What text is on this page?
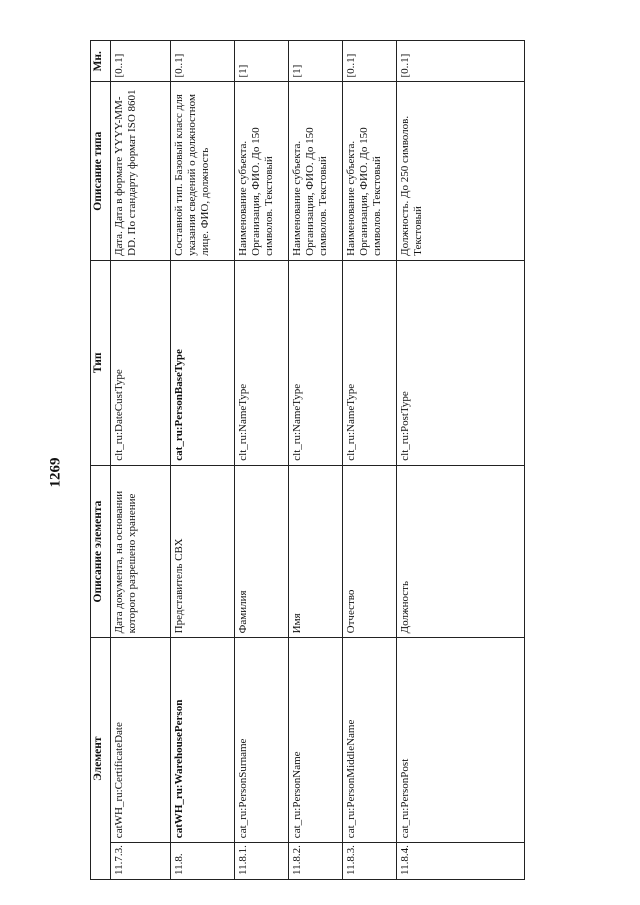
1269
Элемент		Описание элемента	Тип	Описание типа	Мн.
11.7.3.	catWH_ru:CertificateDate	Дата документа, на основании которого разрешено хранение	clt_ru:DateCustType	Дата. Дата в формате YYYY-MM-DD. По стандарту формат ISO 8601	[0..1]
11.8.	catWH_ru:WarehousePerson	Представитель СВХ	cat_ru:PersonBaseType	Составной тип. Базовый класс для указания сведений о должностном лице. ФИО, должность	[0..1]
11.8.1.	cat_ru:PersonSurname	Фамилия	clt_ru:NameType	Наименование субъекта. Организация, ФИО. До 150 символов. Текстовый	[1]
11.8.2.	cat_ru:PersonName	Имя	clt_ru:NameType	Наименование субъекта. Организация, ФИО. До 150 символов. Текстовый	[1]
11.8.3.	cat_ru:PersonMiddleName	Отчество	clt_ru:NameType	Наименование субъекта. Организация, ФИО. До 150 символов. Текстовый	[0..1]
11.8.4.	cat_ru:PersonPost	Должность	clt_ru:PostType	Должность. До 250 символов. Текстовый	[0..1]
